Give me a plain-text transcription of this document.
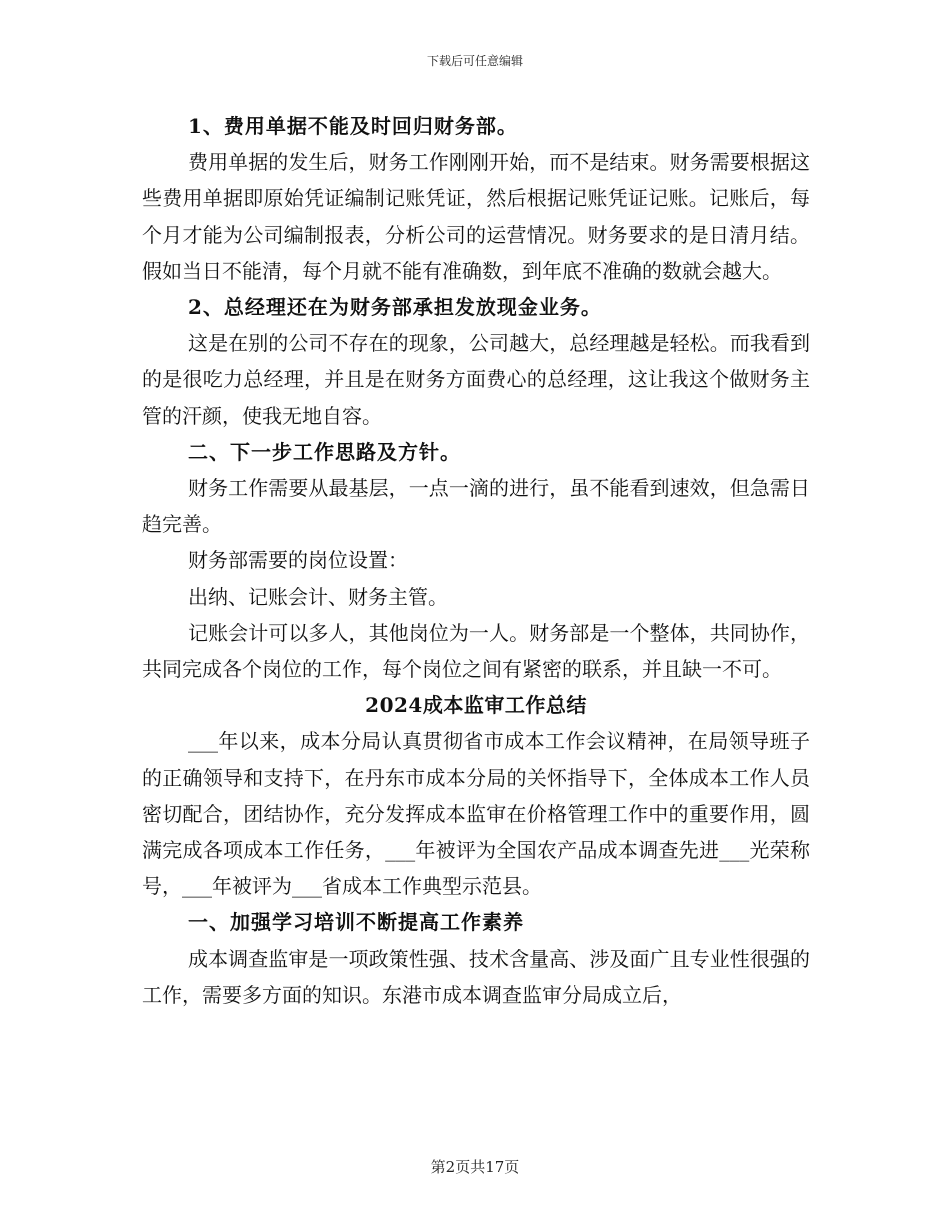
下载后可任意编辑

1、费用单据不能及时回归财务部。

费用单据的发生后，财务工作刚刚开始，而不是结束。财务需要根据这些费用单据即原始凭证编制记账凭证，然后根据记账凭证记账。记账后，每个月才能为公司编制报表，分析公司的运营情况。财务要求的是日清月结。假如当日不能清，每个月就不能有准确数，到年底不准确的数就会越大。

2、总经理还在为财务部承担发放现金业务。

这是在别的公司不存在的现象，公司越大，总经理越是轻松。而我看到的是很吃力总经理，并且是在财务方面费心的总经理，这让我这个做财务主管的汗颜，使我无地自容。

二、下一步工作思路及方针。

财务工作需要从最基层，一点一滴的进行，虽不能看到速效，但急需日趋完善。

财务部需要的岗位设置：

出纳、记账会计、财务主管。

记账会计可以多人，其他岗位为一人。财务部是一个整体，共同协作，共同完成各个岗位的工作，每个岗位之间有紧密的联系，并且缺一不可。

2024成本监审工作总结

___年以来，成本分局认真贯彻省市成本工作会议精神，在局领导班子的正确领导和支持下，在丹东市成本分局的关怀指导下，全体成本工作人员密切配合，团结协作，充分发挥成本监审在价格管理工作中的重要作用，圆满完成各项成本工作任务，___年被评为全国农产品成本调查先进___光荣称号，___年被评为___省成本工作典型示范县。

一、加强学习培训不断提高工作素养

成本调查监审是一项政策性强、技术含量高、涉及面广且专业性很强的工作，需要多方面的知识。东港市成本调查监审分局成立后，

第2页共17页
